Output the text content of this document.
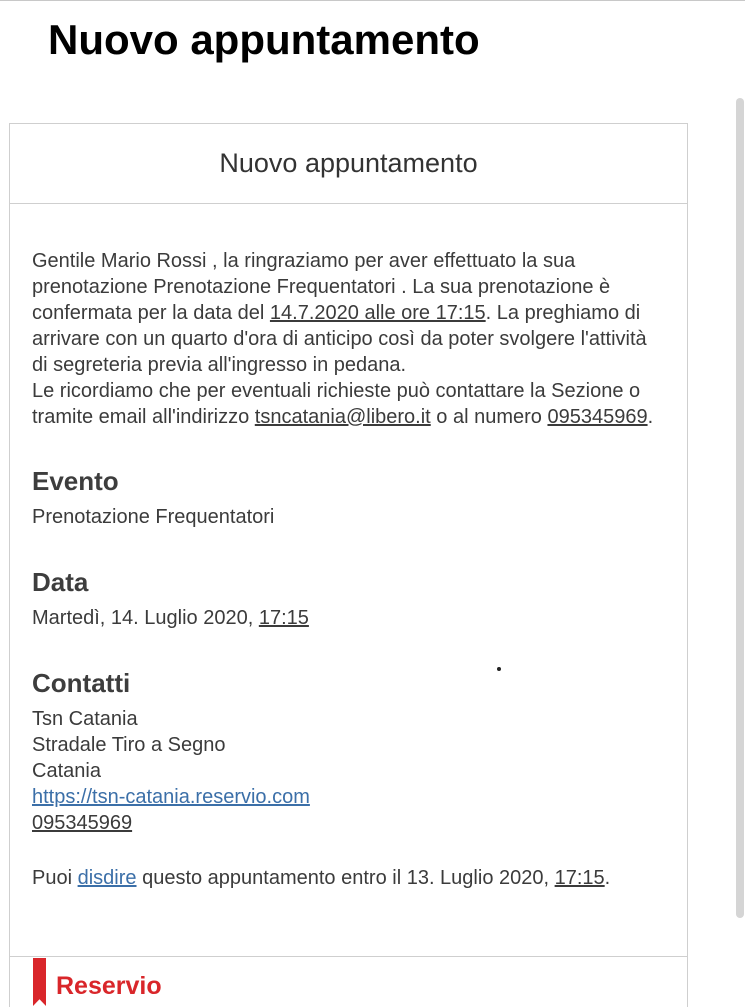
Nuovo appuntamento
Nuovo appuntamento

Gentile Mario Rossi , la ringraziamo per aver effettuato la sua prenotazione Prenotazione Frequentatori . La sua prenotazione è confermata per la data del 14.7.2020 alle ore 17:15. La preghiamo di arrivare con un quarto d'ora di anticipo così da poter svolgere l'attività di segreteria previa all'ingresso in pedana.

Le ricordiamo che per eventuali richieste può contattare la Sezione o tramite email all'indirizzo tsncatania@libero.it o al numero 095345969.

Evento

Prenotazione Frequentatori

Data

Martedì, 14. Luglio 2020, 17:15

Contatti
Tsn Catania
Stradale Tiro a Segno
Catania
https://tsn-catania.reservio.com
095345969

Puoi disdire questo appuntamento entro il 13. Luglio 2020, 17:15.

Reservio
